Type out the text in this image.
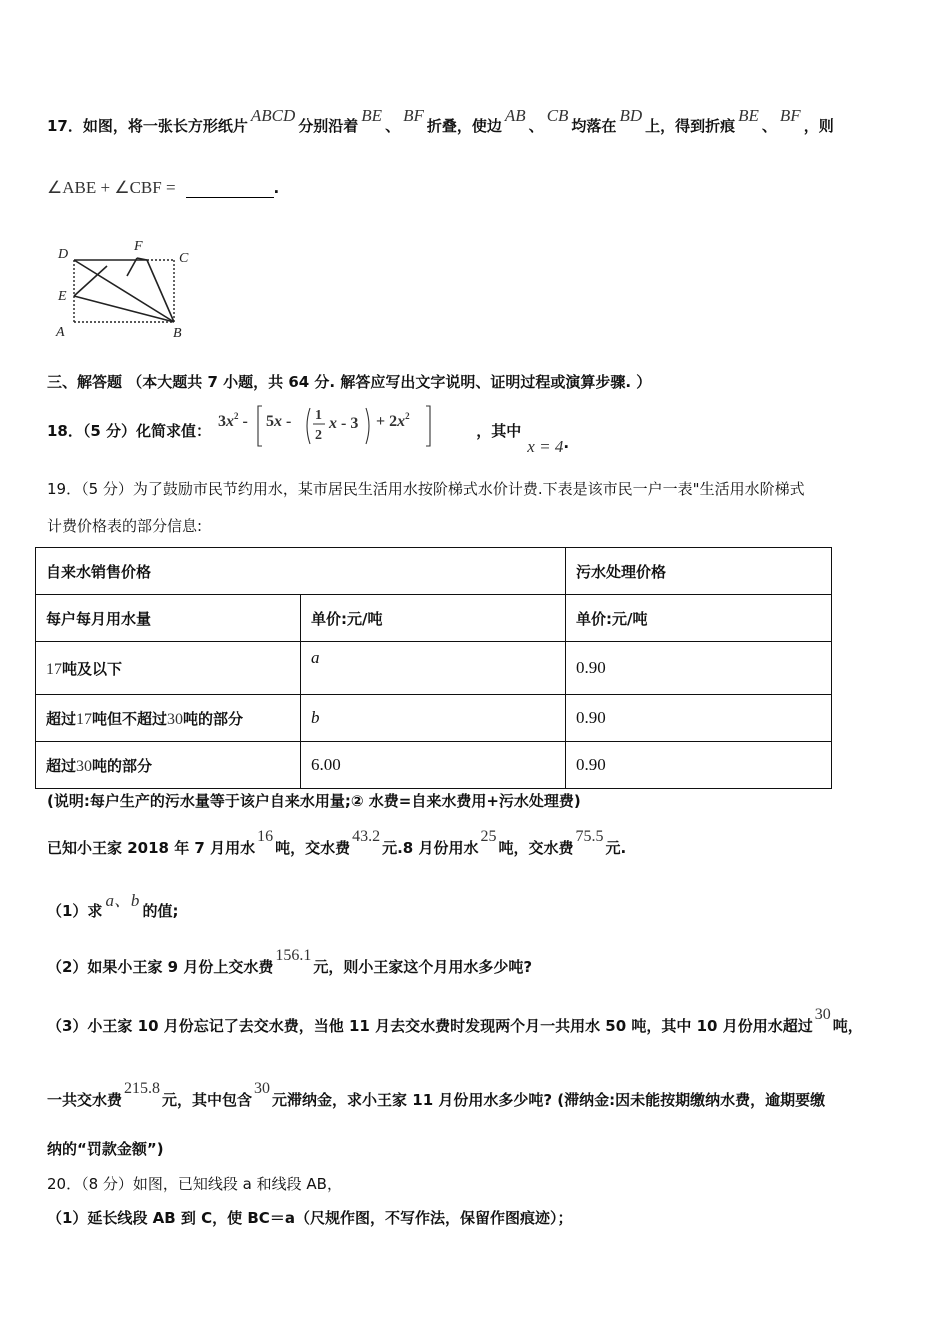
17．如图，将一张长方形纸片ABCD分别沿着BE、BF折叠，使边AB、CB均落在BD上，得到折痕BE、BF，则
∠ABE + ∠CBF =	.
D
F
C
E
A	B
三、解答题 （本大题共 7 小题，共 64 分. 解答应写出文字说明、证明过程或演算步骤. ）
18．（5 分）化简求值：
$3x^2 - 5x - 1$
2
$x - 3 + 2x^2$
，其中x = 4.
19．（5 分）为了鼓励市民节约用水，某市居民生活用水按阶梯式水价计费.下表是该市民一户一表"生活用水阶梯式
计费价格表的部分信息:
自来水销售价格		污水处理价格
每户每月用水量	单价:元/吨	单价:元/吨
17吨及以下	a	0.90
超过17吨但不超过30吨的部分	b	0.90
超过30吨的部分	6.00	0.90
(说明:每户生产的污水量等于该户自来水用量;② 水费=自来水费用+污水处理费)
已知小王家 2018 年 7 月用水16吨，交水费43.2元.8 月份用水25吨，交水费75.5元.
（1）求a、b的值;
（2）如果小王家 9 月份上交水费156.1元，则小王家这个月用水多少吨?
（3）小王家 10 月份忘记了去交水费，当他 11 月去交水费时发现两个月一共用水 50 吨，其中 10 月份用水超过30吨，
一共交水费215.8元，其中包含30元滞纳金，求小王家 11 月份用水多少吨? (滞纳金:因未能按期缴纳水费，逾期要缴
纳的“罚款金额”)
20．（8 分）如图，已知线段 a 和线段 AB，
（1）延长线段 AB 到 C，使 BC＝a（尺规作图，不写作法，保留作图痕迹）；
